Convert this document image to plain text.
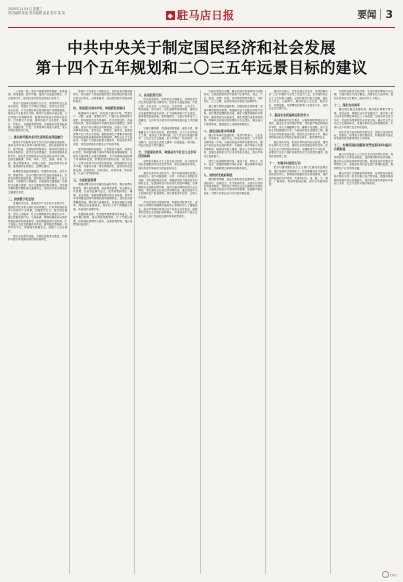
2020年11月4日 星期三
责任编辑 张某 美术编辑 某某 校对 某 某	◆ 駐马店日报	要闻 3
中共中央关于制定国民经济和社会发展
第十四个五年规划和二〇三五年远景目标的建议

（上接第一版）坚定不移建设制造强国、质量强国、网络强国、数字中国，推进产业基础高级化、产业链现代化，提高经济质量效益和核心竞争力。

提升产业链供应链现代化水平。保持制造业比重基本稳定，巩固壮大实体经济根基。坚持自主可控、安全高效，分行业做好供应链战略设计和精准施策，推动全产业链优化升级。锻造产业链供应链长板，立足我国产业规模优势、配套优势和部分领域先发优势，打造新兴产业链，推动传统产业高端化、智能化、绿色化，发展服务型制造。完善国家质量基础设施，加强标准、计量、专利等体系和能力建设，深入开展质量提升行动。

二、推动现代服务业同先进制造业深度融合

推动生产性服务业向专业化和价值链高端延伸，推动各类市场主体参与服务供给，加快发展研发设计、现代物流、法律服务等服务业，推动现代服务业同先进制造业、现代农业深度融合，加快推进服务业数字化。推动生活性服务业向高品质和多样化升级，加快发展健康、养老、育幼、文化、旅游、体育、家政、物业等服务业，加强公益性、基础性服务业供给。推进服务业标准化、品牌化建设。

统筹推进基础设施建设。构建系统完备、高效实用、智能绿色、安全可靠的现代化基础设施体系。系统布局新型基础设施，加快第五代移动通信、工业互联网、大数据中心等建设。加快建设交通强国，完善综合运输大通道、综合交通枢纽和物流网络，加快城市群和都市圈轨道交通网络化，提高农村和边境地区交通通达深度。

三、加快数字化发展

发展数字经济，推进数字产业化和产业数字化，推动数字经济和实体经济深度融合，打造具有国际竞争力的数字产业集群。加强数字社会、数字政府建设，提升公共服务、社会治理等数字化智能化水平。建立数据资源产权、交易流通、跨境传输和安全保护等基础制度和标准规范，推动数据资源开发利用。扩大基础公共信息数据有序开放，建设国家数据统一共享开放平台。保障国家数据安全，加强个人信息保护。

提升全民数字技能，实现信息服务全覆盖。积极参与数字领域国际规则和标准制定。

坚持扩大内需这个战略基点，加快培育完整内需体系，把实施扩大内需战略同深化供给侧结构性改革有机结合起来，以创新驱动、高质量供给引领和创造新需求。

四、形成强大国内市场，构建新发展格局

畅通国内大循环。依托强大国内市场，贯通生产、分配、流通、消费各环节，打破行业垄断和地方保护，形成国民经济良性循环。优化供给结构，改善供给质量，提升供给体系对国内需求的适配性。推动金融、房地产同实体经济均衡发展，实现上下游、产供销有效衔接，促进农业、制造业、服务业、能源资源等产业门类关系协调。破除妨碍生产要素市场化配置和商品服务流通的体制机制障碍，降低全社会交易成本。完善扩大内需的政策支撑体系，形成需求牵引供给、供给创造需求的更高水平动态平衡。

促进国内国际双循环。立足国内大循环，发挥比较优势，协同推进强大国内市场和贸易强国建设，以国内大循环吸引全球资源要素，充分利用国内国际两个市场两种资源，积极促进内需和外需、进口和出口、引进外资和对外投资协调发展，促进国际收支基本平衡。完善内外贸一体化调控体系，促进内外贸法律法规、监管体制、经营资质、质量标准、检验检疫、认证认可等相衔接。

五、全面促进消费

增强消费对经济发展的基础性作用，顺应消费升级趋势，提升传统消费，培育新型消费，适当增加公共消费。以质量品牌为重点，促进消费向绿色、健康、安全发展，鼓励消费新模式新业态发展。推动汽车等消费品由购买管理向使用管理转变，促进住房消费健康发展。健全现代流通体系，发展无接触交易服务，降低企业流通成本，促进线上线下消费融合发展，开拓城乡消费市场。

发展服务消费，放宽服务消费领域市场准入。完善节假日制度，落实带薪休假制度，扩大节假日消费。培育国际消费中心城市。改善消费环境，强化消费者权益保护。

六、拓展投资空间

优化投资结构，保持投资合理增长，发挥投资对优化供给结构的关键作用。加快补齐基础设施、市政工程、农业农村、公共安全、生态环保、公共卫生、物资储备、防灾减灾、民生保障等领域短板，推动企业设备更新和技术改造，扩大战略性新兴产业投资。推进新型基础设施、新型城镇化、交通水利等重大工程建设，支持有利于城乡区域协调发展的重大项目建设。

实施川藏铁路、西部陆海新通道、国家水网、雅鲁藏布江下游水电开发、星际探测、北斗产业化等重大工程，推进重大科研设施、重大生态系统保护修复、公共卫生应急保障、重大引调水、防洪减灾、送电输气、沿边沿江沿海交通等一批强基础、增功能、利长远的重大项目建设。

七、全面深化改革，构建高水平社会主义市场经济体制

坚持和完善社会主义基本经济制度，充分发挥市场在资源配置中的决定性作用，更好发挥政府作用，推动有效市场和有为政府更好结合。

激发各类市场主体活力。毫不动摇巩固和发展公有制经济，毫不动摇鼓励、支持、引导非公有制经济发展。深化国资国企改革，做强做优做大国有资本和国有企业。加快国有经济布局优化和结构调整，发挥国有经济战略支撑作用。加快完善中国特色现代企业制度，深化国有企业混合所有制改革。健全管资本为主的国有资产监管体制，深化国有资本投资、运营公司改革。

优化民营经济发展环境，构建亲清政商关系，促进非公有制经济健康发展和非公有制经济人士健康成长，依法平等保护民营企业产权和企业家权益，破除制约民营企业发展的各种壁垒，完善促进中小微企业和个体工商户发展的法律环境和政策体系。

完善宏观经济治理。健全以国家发展规划为战略导向，以财政政策和货币政策为主要手段，就业、产业、投资、消费、环保、区域等政策紧密配合，目标优化、分工合理、高效协同的宏观经济治理体系。

建立现代财税金融体制。加强财政资源统筹，加强中期财政规划管理，增强国家重大战略任务财力保障。深化预算管理制度改革，强化对预算编制的宏观指导。推进财政支出标准化，强化预算约束和绩效管理。明确中央和地方政府事权与支出责任，健全省以下财政体制，增强基层公共服务保障能力。

八、建设高标准市场体系

健全市场体系基础制度，坚持平等准入、公正监管、开放有序、诚信守法，形成高效规范、公平竞争的国内统一市场。实施高标准市场体系建设行动。健全产权执法司法保护制度。实施统一的市场准入负面清单制度。继续放宽准入限制。健全公平竞争审查机制，加强反垄断和反不正当竞争执法司法，提升市场综合监管能力。

深化土地管理制度改革。推进土地、劳动力、资本、技术、数据等要素市场化改革。健全要素市场运行机制，完善要素交易规则和服务体系。

九、加快转变政府职能

建设职责明确、依法行政的政府治理体系。深化简政放权、放管结合、优化服务改革，全面实行政府权责清单制度。持续优化市场化法治化国际化营商环境。实施涉企经营许可事项清单管理，加强事中事后监管，对新产业新业态实行包容审慎监管。

推进乡村振兴，优先发展农业农村。坚持把解决好“三农”问题作为全党工作重中之重，走中国特色社会主义乡村振兴道路，全面实施乡村振兴战略，强化以工补农、以城带乡，推动形成工农互促、城乡互补、协调发展、共同繁荣的新型工农城乡关系，加快农业农村现代化。

十、提高农业质量效益和竞争力

适应确保国计民生要求，以保障国家粮食安全为底线，健全农业支持保护制度。坚持最严格的耕地保护制度，深入实施藏粮于地、藏粮于技战略，加大农业水利设施建设力度，实施高标准农田建设工程，强化农业科技和装备支撑，提高农业良种化水平，健全动物防疫和农作物病虫害防治体系，建设智慧农业。

强化绿色导向、标准引领和质量安全监管，建设农业现代化示范区。推动农业供给侧结构性改革，优化农业生产结构和区域布局，加强粮食生产功能区、重要农产品生产保护区和特色农产品优势区建设，推进优质粮食工程。

十一、实施乡村建设行动

把乡村建设摆在社会主义现代化建设的重要位置。强化县城综合服务能力，把乡镇建设成为服务农民的区域中心。统筹县域城镇和村庄规划建设，保护传统村落和乡村风貌。完善乡村水、电、路、气、通信、广播电视、物流等基础设施，提升农房建设质量。

因地制宜推进农村改厕、生活垃圾处理和污水治理，实施河湖水系综合整治，改善农村人居环境。提高农民科技文化素质，推动乡村人才振兴。

十二、深化农村改革

健全城乡融合发展机制，推动城乡要素平等交换、双向流动，增强农业农村发展活力。落实第二轮土地承包到期后再延长三十年政策，加快培育农民合作社、家庭农场等新型农业经营主体，健全农业专业化社会化服务体系，发展多种形式适度规模经营，实现小农户和现代农业有机衔接。

深化农村宅基地制度改革试点，探索宅基地所有权、资格权、使用权分置实现形式。积极探索实施农村集体经营性建设用地入市制度。

十三、实现巩固拓展脱贫攻坚成果同乡村振兴有效衔接

建立农村低收入人口和欠发达地区帮扶机制，保持财政投入力度总体稳定，接续推进脱贫地区发展。健全防止返贫监测和帮扶机制，做好易地扶贫搬迁后续帮扶工作，加强扶贫项目资金资产管理和监督，推动特色产业可持续发展。

健全农村社会保障和救助制度。在西部地区脱贫县中集中支持一批乡村振兴重点帮扶县，增强其巩固脱贫成果及内生发展能力。坚持和完善东西部协作和对口支援、社会力量参与帮扶等机制。

ZMD
